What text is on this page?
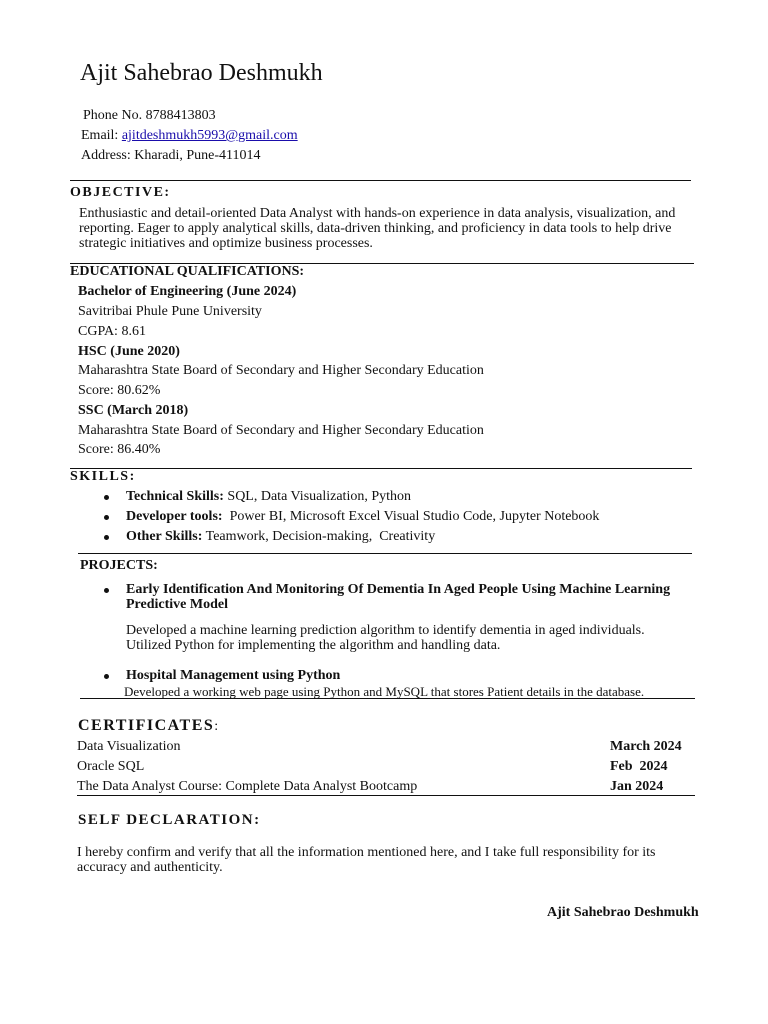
Ajit Sahebrao Deshmukh
Phone No. 8788413803
Email: ajitdeshmukh5993@gmail.com
Address: Kharadi, Pune-411014
OBJECTIVE:
Enthusiastic and detail-oriented Data Analyst with hands-on experience in data analysis, visualization, and reporting. Eager to apply analytical skills, data-driven thinking, and proficiency in data tools to help drive strategic initiatives and optimize business processes.
EDUCATIONAL QUALIFICATIONS:
Bachelor of Engineering (June 2024)
Savitribai Phule Pune University
CGPA: 8.61
HSC (June 2020)
Maharashtra State Board of Secondary and Higher Secondary Education
Score: 80.62%
SSC (March 2018)
Maharashtra State Board of Secondary and Higher Secondary Education
Score: 86.40%
SKILLS:
Technical Skills: SQL, Data Visualization, Python
Developer tools:  Power BI, Microsoft Excel Visual Studio Code, Jupyter Notebook
Other Skills: Teamwork, Decision-making,  Creativity
PROJECTS:
Early Identification And Monitoring Of Dementia In Aged People Using Machine Learning Predictive Model
Developed a machine learning prediction algorithm to identify dementia in aged individuals. Utilized Python for implementing the algorithm and handling data.
Hospital Management using Python
Developed a working web page using Python and MySQL that stores Patient details in the database.
CERTIFICATES:
Data Visualization	March 2024
Oracle SQL	Feb  2024
The Data Analyst Course: Complete Data Analyst Bootcamp	Jan 2024
SELF DECLARATION:
I hereby confirm and verify that all the information mentioned here, and I take full responsibility for its accuracy and authenticity.
Ajit Sahebrao Deshmukh
